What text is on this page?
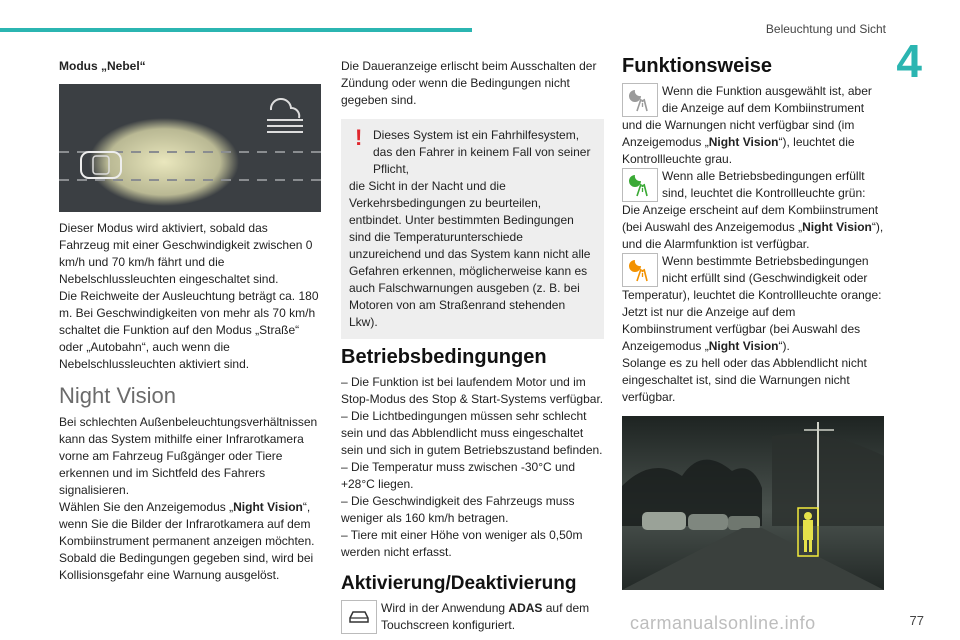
Beleuchtung und Sicht
4

Modus „Nebel“

Dieser Modus wird aktiviert, sobald das Fahrzeug mit einer Geschwindigkeit zwischen 0 km/h und 70 km/h fährt und die Nebelschlussleuchten eingeschaltet sind.

Die Reichweite der Ausleuchtung beträgt ca. 180 m. Bei Geschwindigkeiten von mehr als 70 km/h schaltet die Funktion auf den Modus „Straße“ oder „Autobahn“, auch wenn die Nebelschlussleuchten aktiviert sind.

Night Vision

Bei schlechten Außenbeleuchtungsverhältnissen kann das System mithilfe einer Infrarotkamera vorne am Fahrzeug Fußgänger oder Tiere erkennen und im Sichtfeld des Fahrers signalisieren.

Wählen Sie den Anzeigemodus „Night Vision“, wenn Sie die Bilder der Infrarotkamera auf dem Kombiinstrument permanent anzeigen möchten.

Sobald die Bedingungen gegeben sind, wird bei Kollisionsgefahr eine Warnung ausgelöst.

Die Daueranzeige erlischt beim Ausschalten der Zündung oder wenn die Bedingungen nicht gegeben sind.

! Dieses System ist ein Fahrhilfesystem, das den Fahrer in keinem Fall von seiner Pflicht,
die Sicht in der Nacht und die Verkehrsbedingungen zu beurteilen, entbindet. Unter bestimmten Bedingungen sind die Temperaturunterschiede unzureichend und das System kann nicht alle Gefahren erkennen, möglicherweise kann es auch Falschwarnungen ausgeben (z. B. bei Motoren von am Straßenrand stehenden Lkw).
Betriebsbedingungen
– Die Funktion ist bei laufendem Motor und im Stop-Modus des Stop & Start-Systems verfügbar.
– Die Lichtbedingungen müssen sehr schlecht sein und das Abblendlicht muss eingeschaltet sein und sich in gutem Betriebszustand befinden.
– Die Temperatur muss zwischen -30°C und +28°C liegen.
– Die Geschwindigkeit des Fahrzeugs muss weniger als 160 km/h betragen.
– Tiere mit einer Höhe von weniger als 0,50m werden nicht erfasst.
Aktivierung/Deaktivierung
Wird in der Anwendung ADAS auf dem Touchscreen konfiguriert.
Funktionsweise
Wenn die Funktion ausgewählt ist, aber die Anzeige auf dem Kombiinstrument und die Warnungen nicht verfügbar sind (im Anzeigemodus „Night Vision“), leuchtet die Kontrollleuchte grau.
Wenn alle Betriebsbedingungen erfüllt sind, leuchtet die Kontrollleuchte grün: Die Anzeige erscheint auf dem Kombiinstrument (bei Auswahl des Anzeigemodus „Night Vision“), und die Alarmfunktion ist verfügbar.
Wenn bestimmte Betriebsbedingungen nicht erfüllt sind (Geschwindigkeit oder Temperatur), leuchtet die Kontrollleuchte orange: Jetzt ist nur die Anzeige auf dem Kombiinstrument verfügbar (bei Auswahl des Anzeigemodus „Night Vision“).

Solange es zu hell oder das Abblendlicht nicht eingeschaltet ist, sind die Warnungen nicht verfügbar.

carmanualsonline.info	77
